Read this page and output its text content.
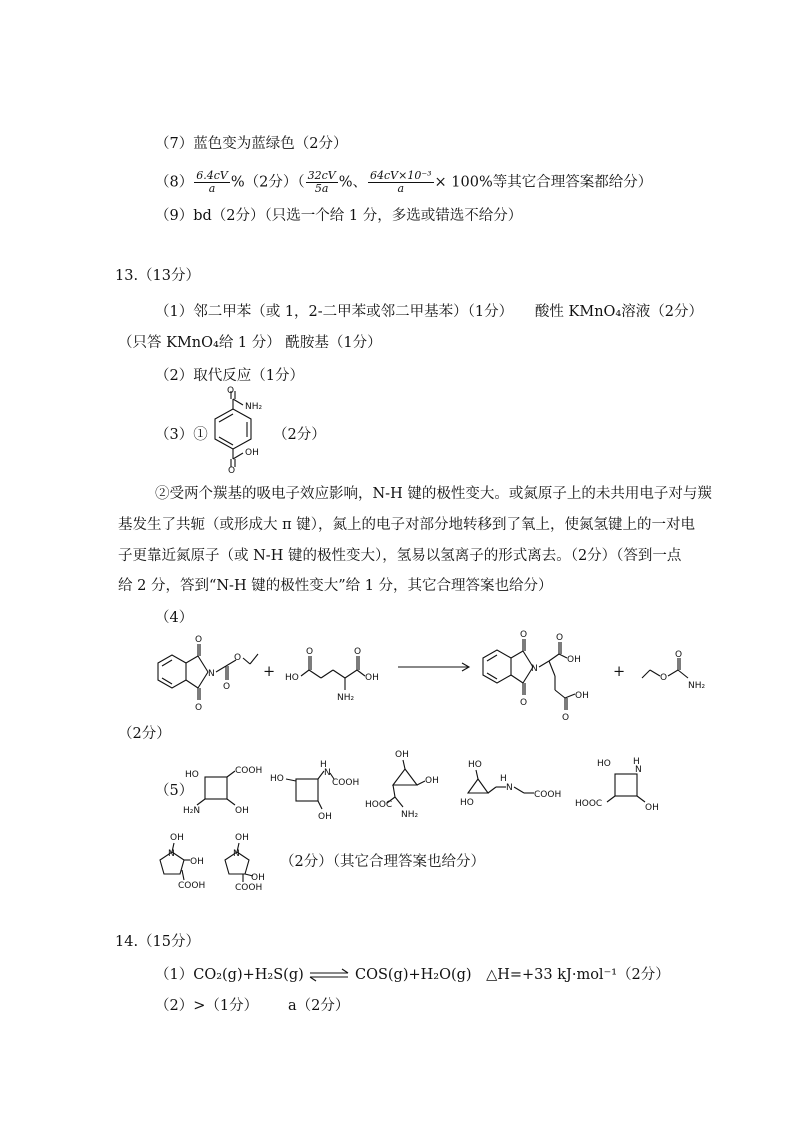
（7）蓝色变为蓝绿色（2分）
$(8) \frac{6.4cV}{a} \%(2$分）（ $\frac{32cV}{5a}$ %、 $\frac{\text{64cV×10⁻³}}{a} \times 100\%$等其它合理答案都给分）
（9）bd（2分）（只选一个给 1 分，多选或错选不给分）
13.（13分）
（1）邻二甲苯（或 1，2-二甲苯或邻二甲基苯）（1分）　　酸性 KMnO₄溶液（2分）
（只答 KMnO₄给 1 分） 酰胺基（1分）
（2）取代反应（1分）
（3）①
O
NH₂
OH
O
（2分）
②受两个羰基的吸电子效应影响，N-H 键的极性变大。或氮原子上的未共用电子对与羰
基发生了共轭（或形成大 π 键），氮上的电子对部分地转移到了氧上，使氮氢键上的一对电
子更靠近氮原子（或 N-H 键的极性变大），氢易以氢离子的形式离去。（2分）（答到一点
给 2 分，答到“N-H 键的极性变大”给 1 分，其它合理答案也给分）
（4）
O
O
N
O
O
+ HO
O	O
OH
NH₂
O
O
N
O
OH
O
OH
+	O
O
NH₂
（2分）
（5）
HO	COOH
OH
H₂N
HO
H
N
COOH
OH
OH
OH
HOOC
NH₂
HO
HO
H
N
COOH
HO H
N
HOOC	OH
OH
N
OH
COOH
OH
N
OH
COOH
（2分）（其它合理答案也给分）
14.（15分）
（1）CO₂(g)+H₂S(g) ⇌ COS(g)+H₂O(g)　△H=+33 kJ·mol⁻¹（2分）
（2）>（1分） a（2分）
